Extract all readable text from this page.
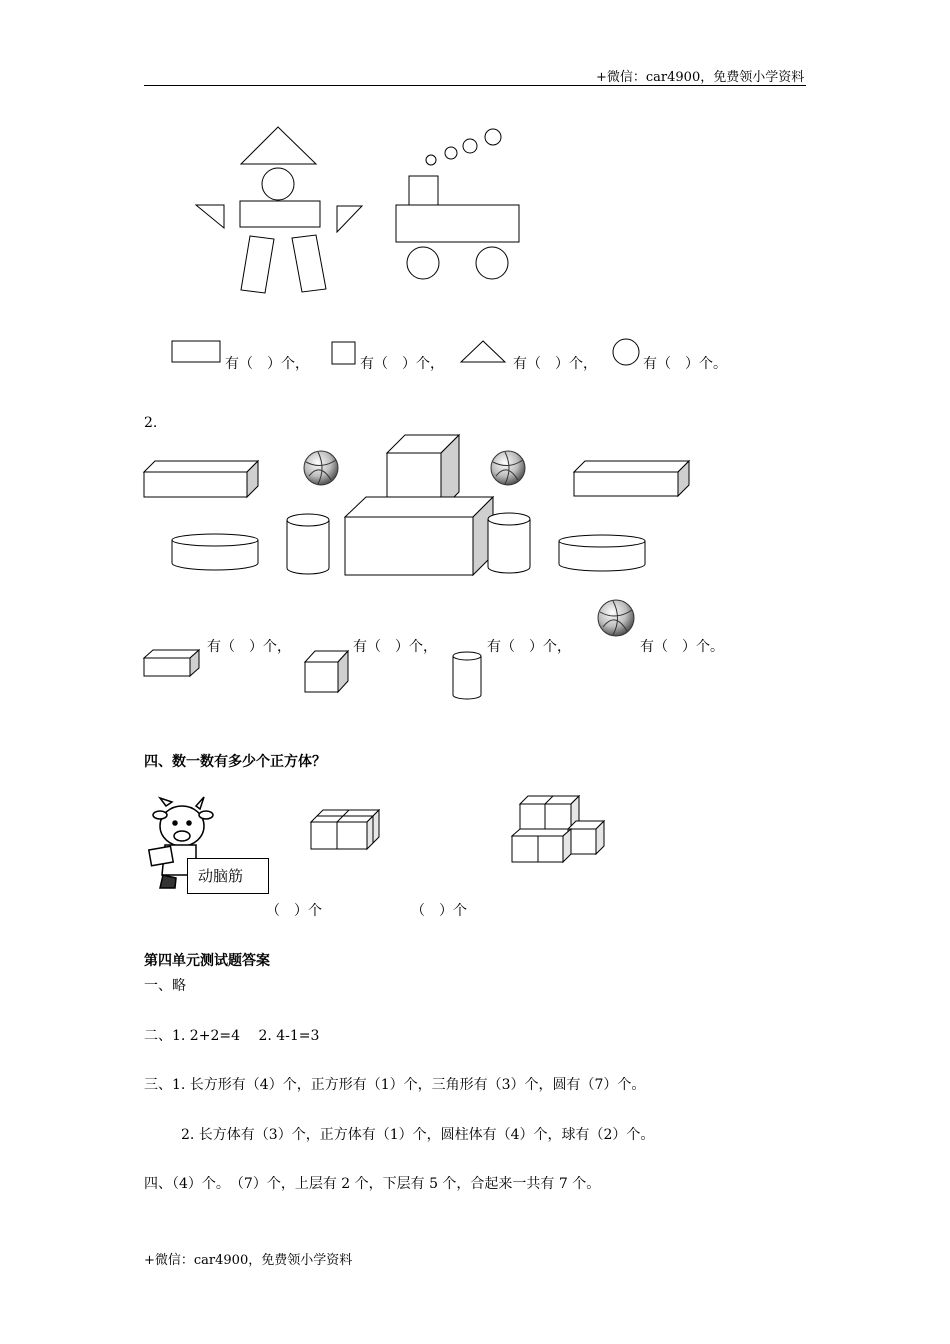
+微信：car4900，免费领小学资料
有（　）个，	有（　）个，	有（　）个，	有（　）个。
2.
有（　）个，	有（　）个，	有（　）个，	有（　）个。
四、数一数有多少个正方体？
动脑筋
（　）个	（　）个
第四单元测试题答案
一、略
二、1. 2+2=4　 2. 4-1=3
三、1. 长方形有（4）个，正方形有（1）个，三角形有（3）个，圆有（7）个。
2. 长方体有（3）个，正方体有（1）个，圆柱体有（4）个，球有（2）个。
四、（4）个。　（7）个，上层有 2 个，下层有 5 个，合起来一共有 7 个。
+微信：car4900，免费领小学资料
